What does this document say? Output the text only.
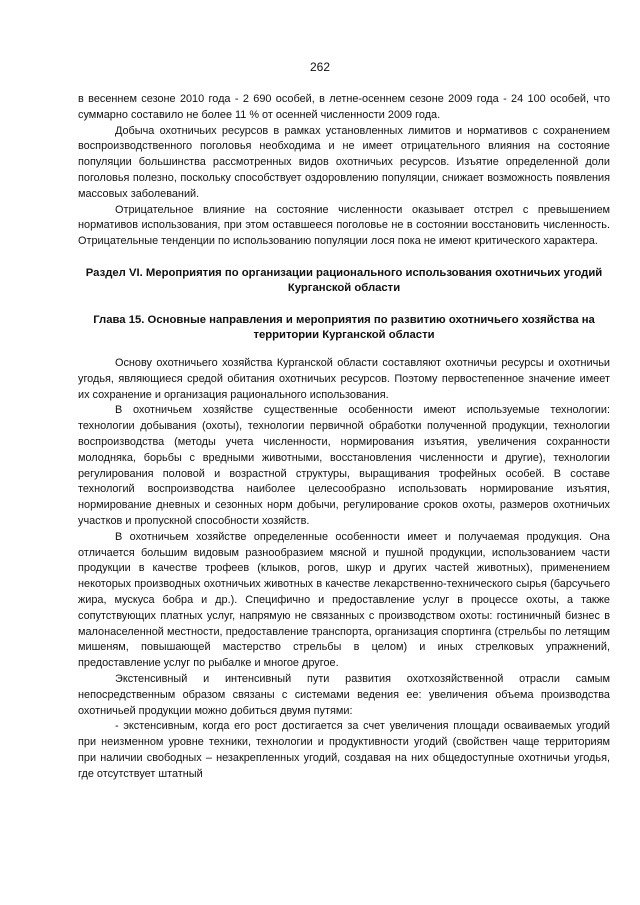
262

в весеннем сезоне 2010 года - 2 690 особей, в летне-осеннем сезоне 2009 года - 24 100 особей, что суммарно составило не более 11 % от осенней численности 2009 года.

Добыча охотничьих ресурсов в рамках установленных лимитов и нормативов с сохранением воспроизводственного поголовья необходима и не имеет отрицательного влияния на состояние популяции большинства рассмотренных видов охотничьих ресурсов. Изъятие определенной доли поголовья полезно, поскольку способствует оздоровлению популяции, снижает возможность появления массовых заболеваний.

Отрицательное влияние на состояние численности оказывает отстрел с превышением нормативов использования, при этом оставшееся поголовье не в состоянии восстановить численность. Отрицательные тенденции по использованию популяции лося пока не имеют критического характера.

Раздел VI. Мероприятия по организации рационального использования охотничьих угодий Курганской области

Глава 15. Основные направления и мероприятия по развитию охотничьего хозяйства на территории Курганской области

Основу охотничьего хозяйства Курганской области составляют охотничьи ресурсы и охотничьи угодья, являющиеся средой обитания охотничьих ресурсов. Поэтому первостепенное значение имеет их сохранение и организация рационального использования.

В охотничьем хозяйстве существенные особенности имеют используемые технологии: технологии добывания (охоты), технологии первичной обработки полученной продукции, технологии воспроизводства (методы учета численности, нормирования изъятия, увеличения сохранности молодняка, борьбы с вредными животными, восстановления численности и другие), технологии регулирования половой и возрастной структуры, выращивания трофейных особей. В составе технологий воспроизводства наиболее целесообразно использовать нормирование изъятия, нормирование дневных и сезонных норм добычи, регулирование сроков охоты, размеров охотничьих участков и пропускной способности хозяйств.

В охотничьем хозяйстве определенные особенности имеет и получаемая продукция. Она отличается большим видовым разнообразием мясной и пушной продукции, использованием части продукции в качестве трофеев (клыков, рогов, шкур и других частей животных), применением некоторых производных охотничьих животных в качестве лекарственно-технического сырья (барсучьего жира, мускуса бобра и др.). Специфично и предоставление услуг в процессе охоты, а также сопутствующих платных услуг, напрямую не связанных с производством охоты: гостиничный бизнес в малонаселенной местности, предоставление транспорта, организация спортинга (стрельбы по летящим мишеням, повышающей мастерство стрельбы в целом) и иных стрелковых упражнений, предоставление услуг по рыбалке и многое другое.

Экстенсивный и интенсивный пути развития охотхозяйственной отрасли самым непосредственным образом связаны с системами ведения ее: увеличения объема производства охотничьей продукции можно добиться двумя путями:

- экстенсивным, когда его рост достигается за счет увеличения площади осваиваемых угодий при неизменном уровне техники, технологии и продуктивности угодий (свойствен чаще территориям при наличии свободных – незакрепленных угодий, создавая на них общедоступные охотничьи угодья, где отсутствует штатный
